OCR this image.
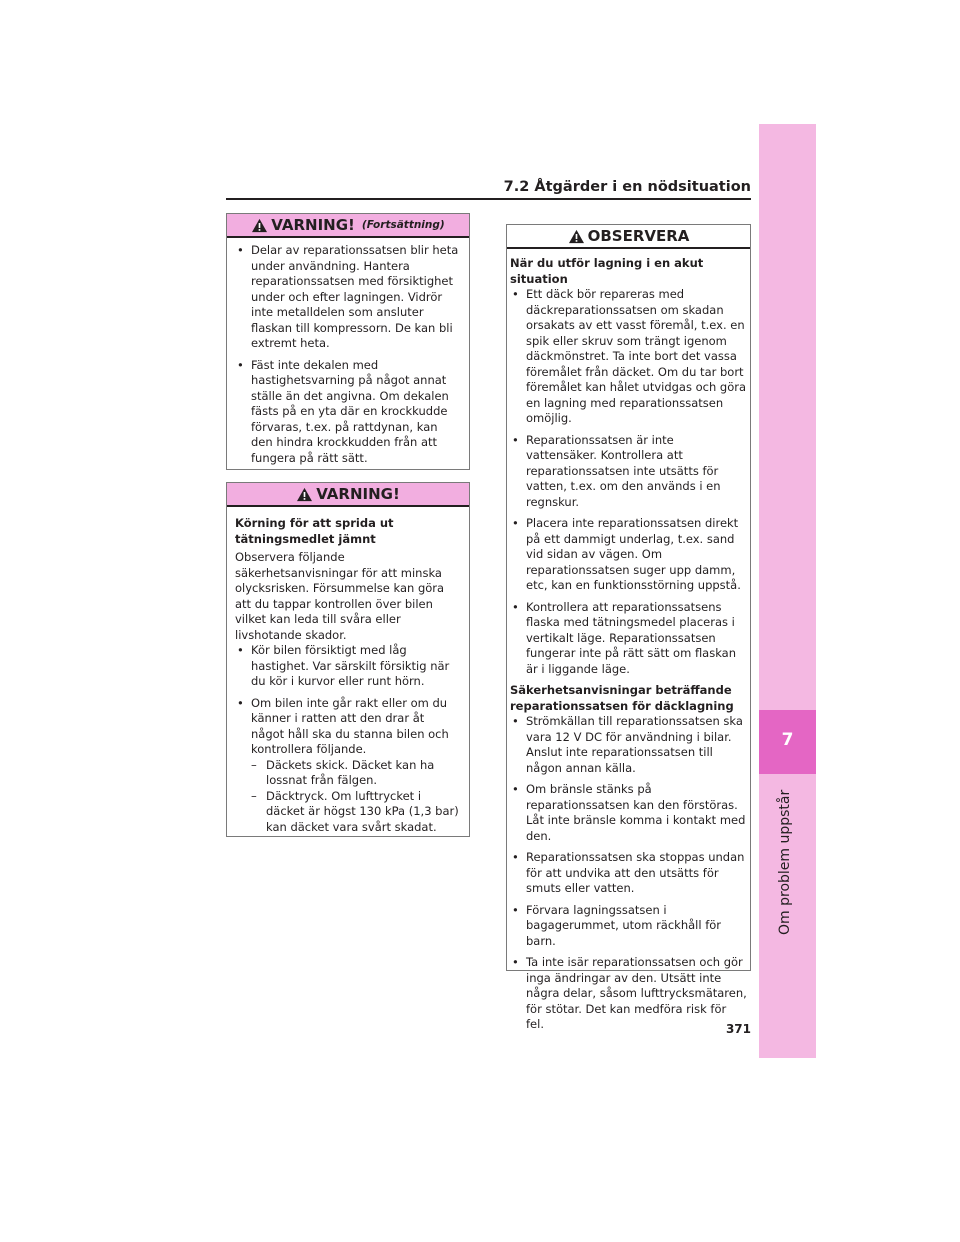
7
Om problem uppstår
7.2 Åtgärder i en nödsituation
VARNING! (Fortsättning)
• Delar av reparationssatsen blir heta under användning. Hantera reparationssatsen med försiktighet under och efter lagningen. Vidrör inte metalldelen som ansluter flaskan till kompressorn. De kan bli extremt heta.
• Fäst inte dekalen med hastighetsvarning på något annat ställe än det angivna. Om dekalen fästs på en yta där en krockkudde förvaras, t.ex. på rattdynan, kan den hindra krockkudden från att fungera på rätt sätt.
VARNING!

Körning för att sprida ut tätningsmedlet jämnt

Observera följande säkerhetsanvisningar för att minska olycksrisken. Försummelse kan göra att du tappar kontrollen över bilen vilket kan leda till svåra eller livshotande skador.

• Kör bilen försiktigt med låg hastighet. Var särskilt försiktig när du kör i kurvor eller runt hörn.
• Om bilen inte går rakt eller om du känner i ratten att den drar åt något håll ska du stanna bilen och kontrollera följande.
– Däckets skick. Däcket kan ha lossnat från fälgen.
– Däcktryck. Om lufttrycket i däcket är högst 130 kPa (1,3 bar) kan däcket vara svårt skadat.
OBSERVERA

När du utför lagning i en akut situation

• Ett däck bör repareras med däckreparationssatsen om skadan orsakats av ett vasst föremål, t.ex. en spik eller skruv som trängt igenom däckmönstret. Ta inte bort det vassa föremålet från däcket. Om du tar bort föremålet kan hålet utvidgas och göra en lagning med reparationssatsen omöjlig.
• Reparationssatsen är inte vattensäker. Kontrollera att reparationssatsen inte utsätts för vatten, t.ex. om den används i en regnskur.
• Placera inte reparationssatsen direkt på ett dammigt underlag, t.ex. sand vid sidan av vägen. Om reparationssatsen suger upp damm, etc, kan en funktionsstörning uppstå.
• Kontrollera att reparationssatsens flaska med tätningsmedel placeras i vertikalt läge. Reparationssatsen fungerar inte på rätt sätt om flaskan är i liggande läge.

Säkerhetsanvisningar beträffande reparationssatsen för däcklagning

• Strömkällan till reparationssatsen ska vara 12 V DC för användning i bilar. Anslut inte reparationssatsen till någon annan källa.
• Om bränsle stänks på reparationssatsen kan den förstöras. Låt inte bränsle komma i kontakt med den.
• Reparationssatsen ska stoppas undan för att undvika att den utsätts för smuts eller vatten.
• Förvara lagningssatsen i bagagerummet, utom räckhåll för barn.
• Ta inte isär reparationssatsen och gör inga ändringar av den. Utsätt inte några delar, såsom lufttrycksmätaren, för stötar. Det kan medföra risk för fel.	371
